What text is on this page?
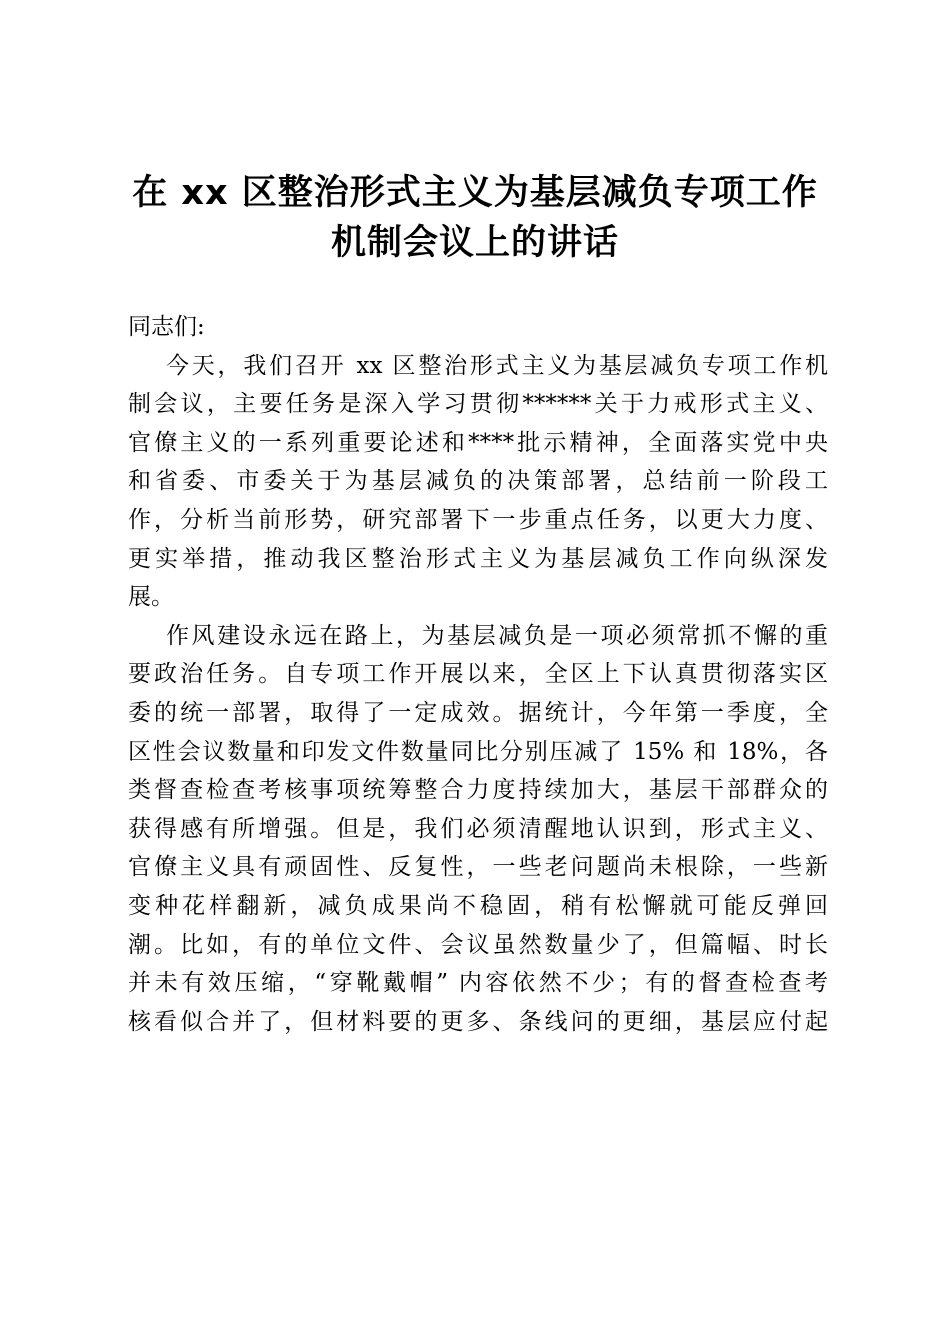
在 xx 区整治形式主义为基层减负专项工作
机制会议上的讲话

同志们:

今天，我们召开 xx 区整治形式主义为基层减负专项工作机
制会议，主要任务是深入学习贯彻******关于力戒形式主义、
官僚主义的一系列重要论述和****批示精神，全面落实党中央
和省委、市委关于为基层减负的决策部署，总结前一阶段工
作，分析当前形势，研究部署下一步重点任务，以更大力度、
更实举措，推动我区整治形式主义为基层减负工作向纵深发
展。

作风建设永远在路上，为基层减负是一项必须常抓不懈的重
要政治任务。自专项工作开展以来，全区上下认真贯彻落实区
委的统一部署，取得了一定成效。据统计，今年第一季度，全
区性会议数量和印发文件数量同比分别压减了 15% 和 18%，各
类督查检查考核事项统筹整合力度持续加大，基层干部群众的
获得感有所增强。但是，我们必须清醒地认识到，形式主义、
官僚主义具有顽固性、反复性，一些老问题尚未根除，一些新
变种花样翻新，减负成果尚不稳固，稍有松懈就可能反弹回
潮。比如，有的单位文件、会议虽然数量少了，但篇幅、时长
并未有效压缩，“穿靴戴帽” 内容依然不少；有的督查检查考
核看似合并了，但材料要的更多、条线问的更细，基层应付起
